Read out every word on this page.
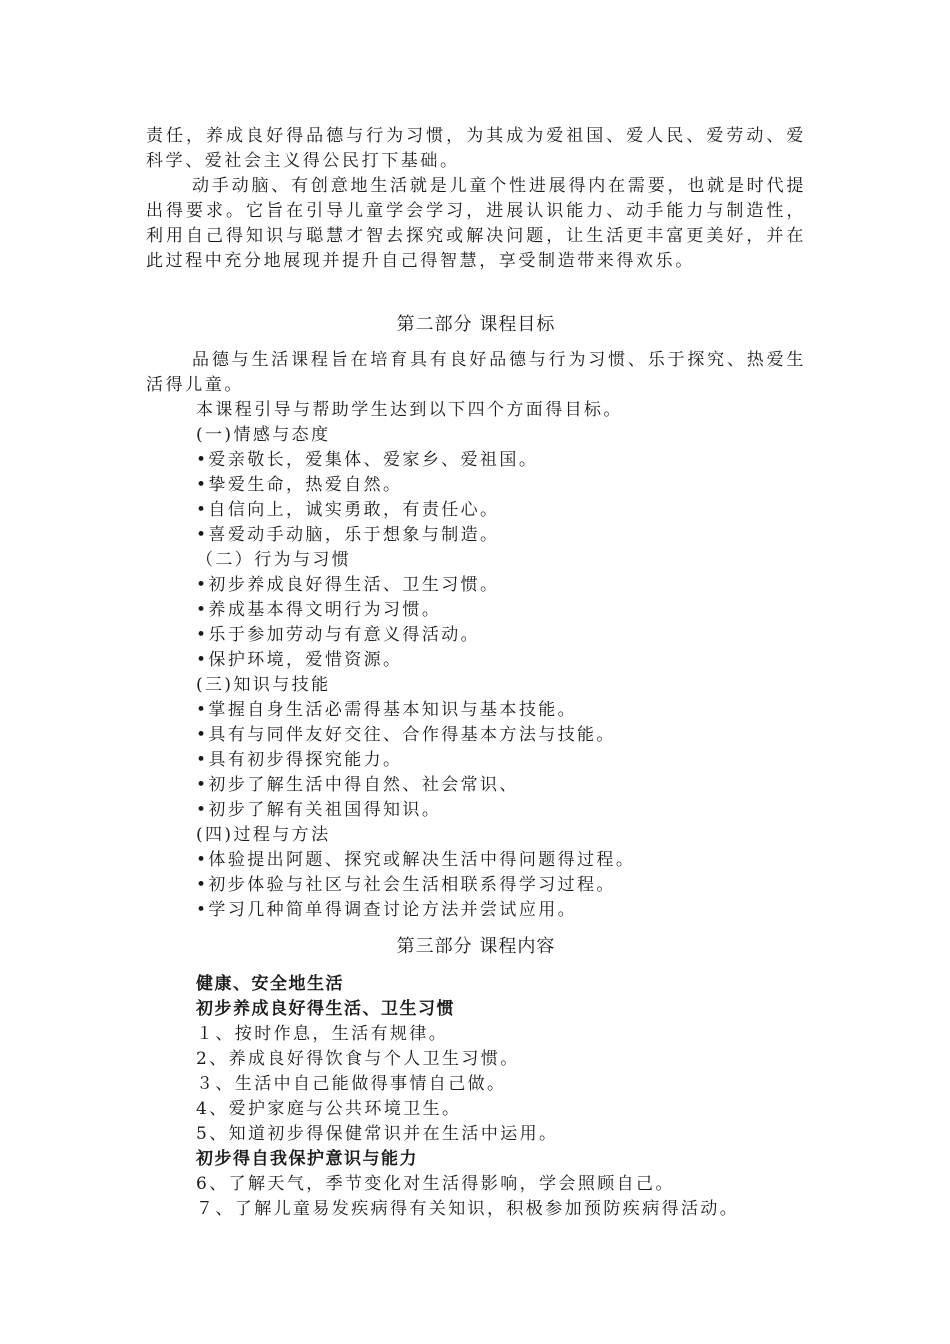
责任，养成良好得品德与行为习惯，为其成为爱祖国、爱人民、爱劳动、爱科学、爱社会主义得公民打下基础。

动手动脑、有创意地生活就是儿童个性进展得内在需要，也就是时代提出得要求。它旨在引导儿童学会学习，进展认识能力、动手能力与制造性，利用自己得知识与聪慧才智去探究或解决问题，让生活更丰富更美好，并在此过程中充分地展现并提升自己得智慧，享受制造带来得欢乐。

第二部分 课程目标

品德与生活课程旨在培育具有良好品德与行为习惯、乐于探究、热爱生活得儿童。

本课程引导与帮助学生达到以下四个方面得目标。

(一)情感与态度

•爱亲敬长，爱集体、爱家乡、爱祖国。

•挚爱生命，热爱自然。

•自信向上，诚实勇敢，有责任心。

•喜爱动手动脑，乐于想象与制造。

（二）行为与习惯

•初步养成良好得生活、卫生习惯。

•养成基本得文明行为习惯。

•乐于参加劳动与有意义得活动。

•保护环境，爱惜资源。

(三)知识与技能

•掌握自身生活必需得基本知识与基本技能。

•具有与同伴友好交往、合作得基本方法与技能。

•具有初步得探究能力。

•初步了解生活中得自然、社会常识、

•初步了解有关祖国得知识。

(四)过程与方法

•体验提出阿题、探究或解决生活中得问题得过程。

•初步体验与社区与社会生活相联系得学习过程。

•学习几种简单得调查讨论方法并尝试应用。

第三部分 课程内容

健康、安全地生活

初步养成良好得生活、卫生习惯

１、按时作息，生活有规律。

2、养成良好得饮食与个人卫生习惯。

３、生活中自己能做得事情自己做。

4、爱护家庭与公共环境卫生。

5、知道初步得保健常识并在生活中运用。

初步得自我保护意识与能力

6、了解天气，季节变化对生活得影响，学会照顾自己。

７、了解儿童易发疾病得有关知识，积极参加预防疾病得活动。
